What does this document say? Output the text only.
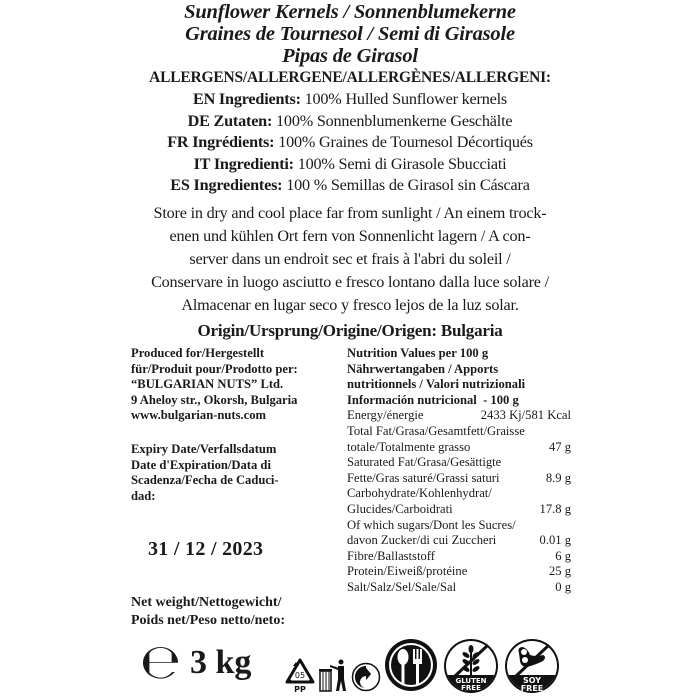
Sunflower Kernels / Sonnenblumekerne
Graines de Tournesol / Semi di Girasole
Pipas de Girasol
ALLERGENS/ALLERGENE/ALLERGÈNES/ALLERGENI:
EN Ingredients: 100% Hulled Sunflower kernels
DE Zutaten: 100% Sonnenblumenkerne Geschälte
FR Ingrédients: 100% Graines de Tournesol Décortiqués
IT Ingredienti: 100% Semi di Girasole Sbucciati
ES Ingredientes: 100 % Semillas de Girasol sin Cáscara
Store in dry and cool place far from sunlight / An einem trock-
enen und kühlen Ort fern von Sonnenlicht lagern / A con-
server dans un endroit sec et frais à l'abri du soleil /
Conservare in luogo asciutto e fresco lontano dalla luce solare /
Almacenar en lugar seco y fresco lejos de la luz solar.
Origin/Ursprung/Origine/Origen: Bulgaria
Produced for/Hergestellt
für/Produit pour/Prodotto per:
“BULGARIAN NUTS” Ltd.
9 Aheloy str., Okorsh, Bulgaria
www.bulgarian-nuts.com
Expiry Date/Verfallsdatum
Date d'Expiration/Data di
Scadenza/Fecha de Caduci-
dad:
31 / 12 / 2023
Net weight/Nettogewicht/
Poids net/Peso netto/neto:
℮ 3 kg
Nutrition Values per 100 g
Nährwertangaben / Apports
nutritionnels / Valori nutrizionali
Información nutricional  - 100 g
Energy/énergie	2433 Kj/581 Kcal
Total Fat/Grasa/Gesamtfett/Graisse
totale/Totalmente grasso	47 g
Saturated Fat/Grasa/Gesättigte
Fette/Gras saturé/Grassi saturi	8.9 g
Carbohydrate/Kohlenhydrat/
Glucides/Carboidrati	17.8 g
Of which sugars/Dont les Sucres/
davon Zucker/di cui Zuccheri	0.01 g
Fibre/Ballaststoff	6 g
Protein/Eiweiß/protéine	25 g
Salt/Salz/Sel/Sale/Sal	0 g
05
PP
GLUTEN
FREE
SOY
FREE
